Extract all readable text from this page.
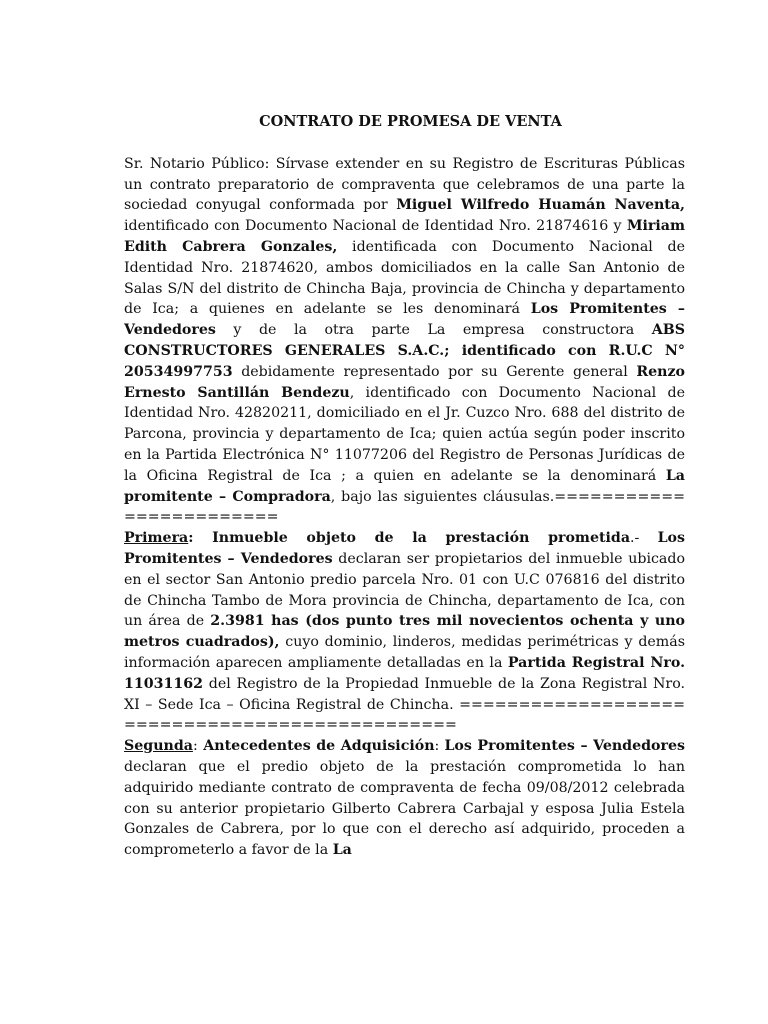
CONTRATO DE PROMESA DE VENTA

Sr. Notario Público: Sírvase extender en su Registro de Escrituras Públicas un contrato preparatorio de compraventa que celebramos de una parte la sociedad conyugal conformada por Miguel Wilfredo Huamán Naventa, identificado con Documento Nacional de Identidad Nro. 21874616 y Miriam Edith Cabrera Gonzales, identificada con Documento Nacional de Identidad Nro. 21874620, ambos domiciliados en la calle San Antonio de Salas S/N del distrito de Chincha Baja, provincia de Chincha y departamento de Ica; a quienes en adelante se les denominará Los Promitentes – Vendedores y de la otra parte La empresa constructora ABS CONSTRUCTORES GENERALES S.A.C.; identificado con R.U.C N° 20534997753 debidamente representado por su Gerente general Renzo Ernesto Santillán Bendezu, identificado con Documento Nacional de Identidad Nro. 42820211, domiciliado en el Jr. Cuzco Nro. 688 del distrito de Parcona, provincia y departamento de Ica; quien actúa según poder inscrito en la Partida Electrónica N° 11077206 del Registro de Personas Jurídicas de la Oficina Registral de Ica ; a quien en adelante se la denominará La promitente – Compradora, bajo las siguientes cláusulas.========================

Primera: Inmueble objeto de la prestación prometida.- Los Promitentes – Vendedores declaran ser propietarios del inmueble ubicado en el sector San Antonio predio parcela Nro. 01 con U.C 076816 del distrito de Chincha Tambo de Mora provincia de Chincha, departamento de Ica, con un área de 2.3981 has (dos punto tres mil novecientos ochenta y uno metros cuadrados), cuyo dominio, linderos, medidas perimétricas y demás información aparecen ampliamente detalladas en la Partida Registral Nro. 11031162 del Registro de la Propiedad Inmueble de la Zona Registral Nro. XI – Sede Ica – Oficina Registral de Chincha. ===============================================

Segunda: Antecedentes de Adquisición: Los Promitentes – Vendedores declaran que el predio objeto de la prestación comprometida lo han adquirido mediante contrato de compraventa de fecha 09/08/2012 celebrada con su anterior propietario Gilberto Cabrera Carbajal y esposa Julia Estela Gonzales de Cabrera, por lo que con el derecho así adquirido, proceden a comprometerlo a favor de la La
